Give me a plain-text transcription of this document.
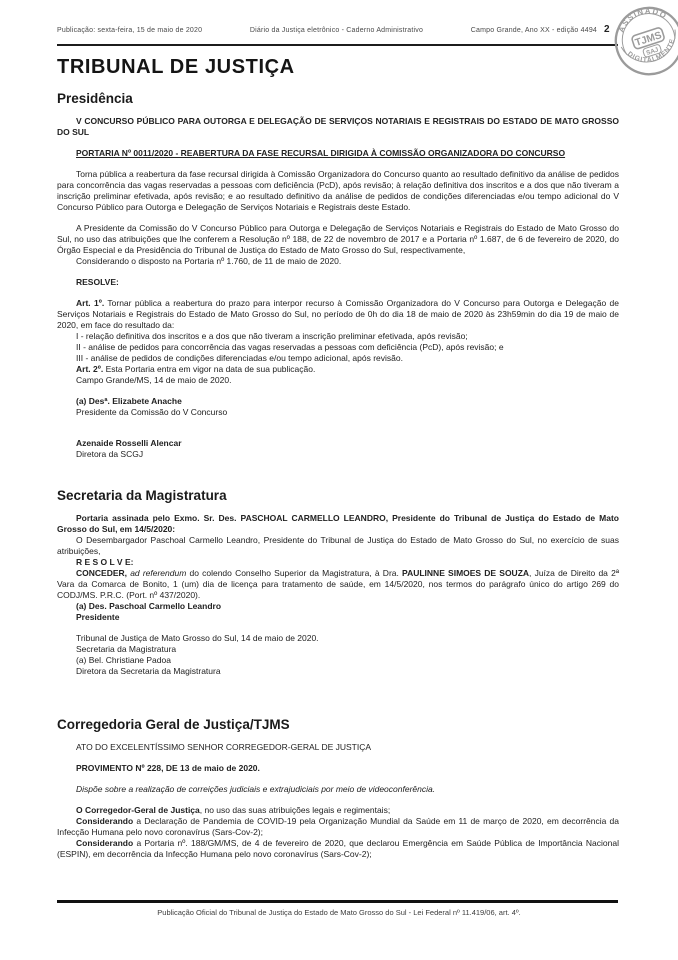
Publicação: sexta-feira, 15 de maio de 2020	Diário da Justiça eletrônico - Caderno Administrativo	Campo Grande, Ano XX - edição 4494 2 ASSINADO
DIGITALMENTE
TJMS
SAJ
TRIBUNAL DE JUSTIÇA
Presidência

V CONCURSO PÚBLICO PARA OUTORGA E DELEGAÇÃO DE SERVIÇOS NOTARIAIS E REGISTRAIS DO ESTADO DE MATO GROSSO DO SUL

PORTARIA Nº 0011/2020 - REABERTURA DA FASE RECURSAL DIRIGIDA À COMISSÃO ORGANIZADORA DO CONCURSO

Torna pública a reabertura da fase recursal dirigida à Comissão Organizadora do Concurso quanto ao resultado definitivo da análise de pedidos para concorrência das vagas reservadas a pessoas com deficiência (PcD), após revisão; à relação definitiva dos inscritos e a dos que não tiveram a inscrição preliminar efetivada, após revisão; e ao resultado definitivo da análise de pedidos de condições diferenciadas e/ou tempo adicional do V Concurso Público para Outorga e Delegação de Serviços Notariais e Registrais deste Estado.

A Presidente da Comissão do V Concurso Público para Outorga e Delegação de Serviços Notariais e Registrais do Estado de Mato Grosso do Sul, no uso das atribuições que lhe conferem a Resolução nº 188, de 22 de novembro de 2017 e a Portaria nº 1.687, de 6 de fevereiro de 2020, do Órgão Especial e da Presidência do Tribunal de Justiça do Estado de Mato Grosso do Sul, respectivamente,

Considerando o disposto na Portaria nº 1.760, de 11 de maio de 2020.

RESOLVE:

Art. 1º. Tornar pública a reabertura do prazo para interpor recurso à Comissão Organizadora do V Concurso para Outorga e Delegação de Serviços Notariais e Registrais do Estado de Mato Grosso do Sul, no período de 0h do dia 18 de maio de 2020 às 23h59min do dia 19 de maio de 2020, em face do resultado da:

I - relação definitiva dos inscritos e a dos que não tiveram a inscrição preliminar efetivada, após revisão;

II - análise de pedidos para concorrência das vagas reservadas a pessoas com deficiência (PcD), após revisão; e

III - análise de pedidos de condições diferenciadas e/ou tempo adicional, após revisão.

Art. 2º. Esta Portaria entra em vigor na data de sua publicação.

Campo Grande/MS, 14 de maio de 2020.

(a) Desª. Elizabete Anache

Presidente da Comissão do V Concurso

Azenaide Rosselli Alencar

Diretora da SCGJ

Secretaria da Magistratura

Portaria assinada pelo Exmo. Sr. Des. PASCHOAL CARMELLO LEANDRO, Presidente do Tribunal de Justiça do Estado de Mato Grosso do Sul, em 14/5/2020:

O Desembargador Paschoal Carmello Leandro, Presidente do Tribunal de Justiça do Estado de Mato Grosso do Sul, no exercício de suas atribuições,

R E S O L V E:

CONCEDER, ad referendum do colendo Conselho Superior da Magistratura, à Dra. PAULINNE SIMOES DE SOUZA, Juíza de Direito da 2ª Vara da Comarca de Bonito, 1 (um) dia de licença para tratamento de saúde, em 14/5/2020, nos termos do parágrafo único do artigo 269 do CODJ/MS. P.R.C. (Port. nº 437/2020).

(a) Des. Paschoal Carmello Leandro

Presidente

Tribunal de Justiça de Mato Grosso do Sul, 14 de maio de 2020.

Secretaria da Magistratura

(a) Bel. Christiane Padoa

Diretora da Secretaria da Magistratura

Corregedoria Geral de Justiça/TJMS

ATO DO EXCELENTÍSSIMO SENHOR CORREGEDOR-GERAL DE JUSTIÇA

PROVIMENTO Nº 228, DE 13 de maio de 2020.

Dispõe sobre a realização de correições judiciais e extrajudiciais por meio de videoconferência.

O Corregedor-Geral de Justiça, no uso das suas atribuições legais e regimentais;

Considerando a Declaração de Pandemia de COVID-19 pela Organização Mundial da Saúde em 11 de março de 2020, em decorrência da Infecção Humana pelo novo coronavírus (Sars-Cov-2);

Considerando a Portaria nº. 188/GM/MS, de 4 de fevereiro de 2020, que declarou Emergência em Saúde Pública de Importância Nacional (ESPIN), em decorrência da Infecção Humana pelo novo coronavírus (Sars-Cov-2);

Publicação Oficial do Tribunal de Justiça do Estado de Mato Grosso do Sul - Lei Federal nº 11.419/06, art. 4º.
